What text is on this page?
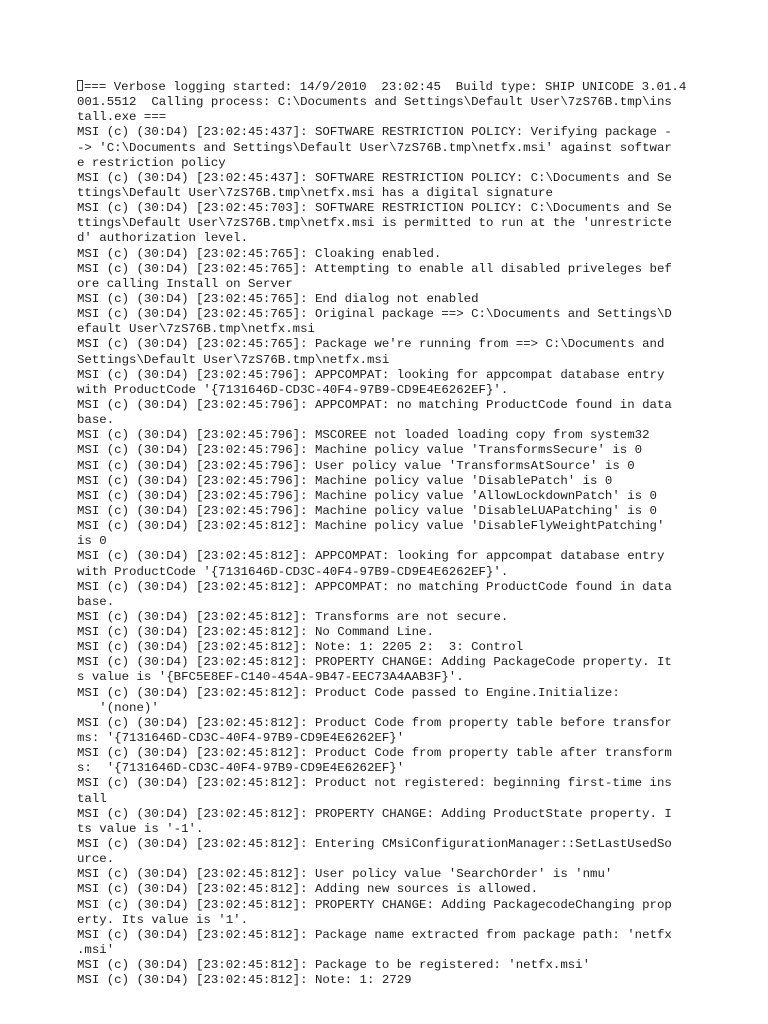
=== Verbose logging started: 14/9/2010  23:02:45  Build type: SHIP UNICODE 3.01.4
001.5512  Calling process: C:\Documents and Settings\Default User\7zS76B.tmp\ins
tall.exe ===
MSI (c) (30:D4) [23:02:45:437]: SOFTWARE RESTRICTION POLICY: Verifying package -
-> 'C:\Documents and Settings\Default User\7zS76B.tmp\netfx.msi' against softwar
e restriction policy
MSI (c) (30:D4) [23:02:45:437]: SOFTWARE RESTRICTION POLICY: C:\Documents and Se
ttings\Default User\7zS76B.tmp\netfx.msi has a digital signature
MSI (c) (30:D4) [23:02:45:703]: SOFTWARE RESTRICTION POLICY: C:\Documents and Se
ttings\Default User\7zS76B.tmp\netfx.msi is permitted to run at the 'unrestricte
d' authorization level.
MSI (c) (30:D4) [23:02:45:765]: Cloaking enabled.
MSI (c) (30:D4) [23:02:45:765]: Attempting to enable all disabled priveleges bef
ore calling Install on Server
MSI (c) (30:D4) [23:02:45:765]: End dialog not enabled
MSI (c) (30:D4) [23:02:45:765]: Original package ==> C:\Documents and Settings\D
efault User\7zS76B.tmp\netfx.msi
MSI (c) (30:D4) [23:02:45:765]: Package we're running from ==> C:\Documents and
Settings\Default User\7zS76B.tmp\netfx.msi
MSI (c) (30:D4) [23:02:45:796]: APPCOMPAT: looking for appcompat database entry
with ProductCode '{7131646D-CD3C-40F4-97B9-CD9E4E6262EF}'.
MSI (c) (30:D4) [23:02:45:796]: APPCOMPAT: no matching ProductCode found in data
base.
MSI (c) (30:D4) [23:02:45:796]: MSCOREE not loaded loading copy from system32
MSI (c) (30:D4) [23:02:45:796]: Machine policy value 'TransformsSecure' is 0
MSI (c) (30:D4) [23:02:45:796]: User policy value 'TransformsAtSource' is 0
MSI (c) (30:D4) [23:02:45:796]: Machine policy value 'DisablePatch' is 0
MSI (c) (30:D4) [23:02:45:796]: Machine policy value 'AllowLockdownPatch' is 0
MSI (c) (30:D4) [23:02:45:796]: Machine policy value 'DisableLUAPatching' is 0
MSI (c) (30:D4) [23:02:45:812]: Machine policy value 'DisableFlyWeightPatching'
is 0
MSI (c) (30:D4) [23:02:45:812]: APPCOMPAT: looking for appcompat database entry
with ProductCode '{7131646D-CD3C-40F4-97B9-CD9E4E6262EF}'.
MSI (c) (30:D4) [23:02:45:812]: APPCOMPAT: no matching ProductCode found in data
base.
MSI (c) (30:D4) [23:02:45:812]: Transforms are not secure.
MSI (c) (30:D4) [23:02:45:812]: No Command Line.
MSI (c) (30:D4) [23:02:45:812]: Note: 1: 2205 2:  3: Control
MSI (c) (30:D4) [23:02:45:812]: PROPERTY CHANGE: Adding PackageCode property. It
s value is '{BFC5E8EF-C140-454A-9B47-EEC73A4AAB3F}'.
MSI (c) (30:D4) [23:02:45:812]: Product Code passed to Engine.Initialize:
'(none)'
MSI (c) (30:D4) [23:02:45:812]: Product Code from property table before transfor
ms: '{7131646D-CD3C-40F4-97B9-CD9E4E6262EF}'
MSI (c) (30:D4) [23:02:45:812]: Product Code from property table after transform
s:  '{7131646D-CD3C-40F4-97B9-CD9E4E6262EF}'
MSI (c) (30:D4) [23:02:45:812]: Product not registered: beginning first-time ins
tall
MSI (c) (30:D4) [23:02:45:812]: PROPERTY CHANGE: Adding ProductState property. I
ts value is '-1'.
MSI (c) (30:D4) [23:02:45:812]: Entering CMsiConfigurationManager::SetLastUsedSo
urce.
MSI (c) (30:D4) [23:02:45:812]: User policy value 'SearchOrder' is 'nmu'
MSI (c) (30:D4) [23:02:45:812]: Adding new sources is allowed.
MSI (c) (30:D4) [23:02:45:812]: PROPERTY CHANGE: Adding PackagecodeChanging prop
erty. Its value is '1'.
MSI (c) (30:D4) [23:02:45:812]: Package name extracted from package path: 'netfx
.msi'
MSI (c) (30:D4) [23:02:45:812]: Package to be registered: 'netfx.msi'
MSI (c) (30:D4) [23:02:45:812]: Note: 1: 2729
